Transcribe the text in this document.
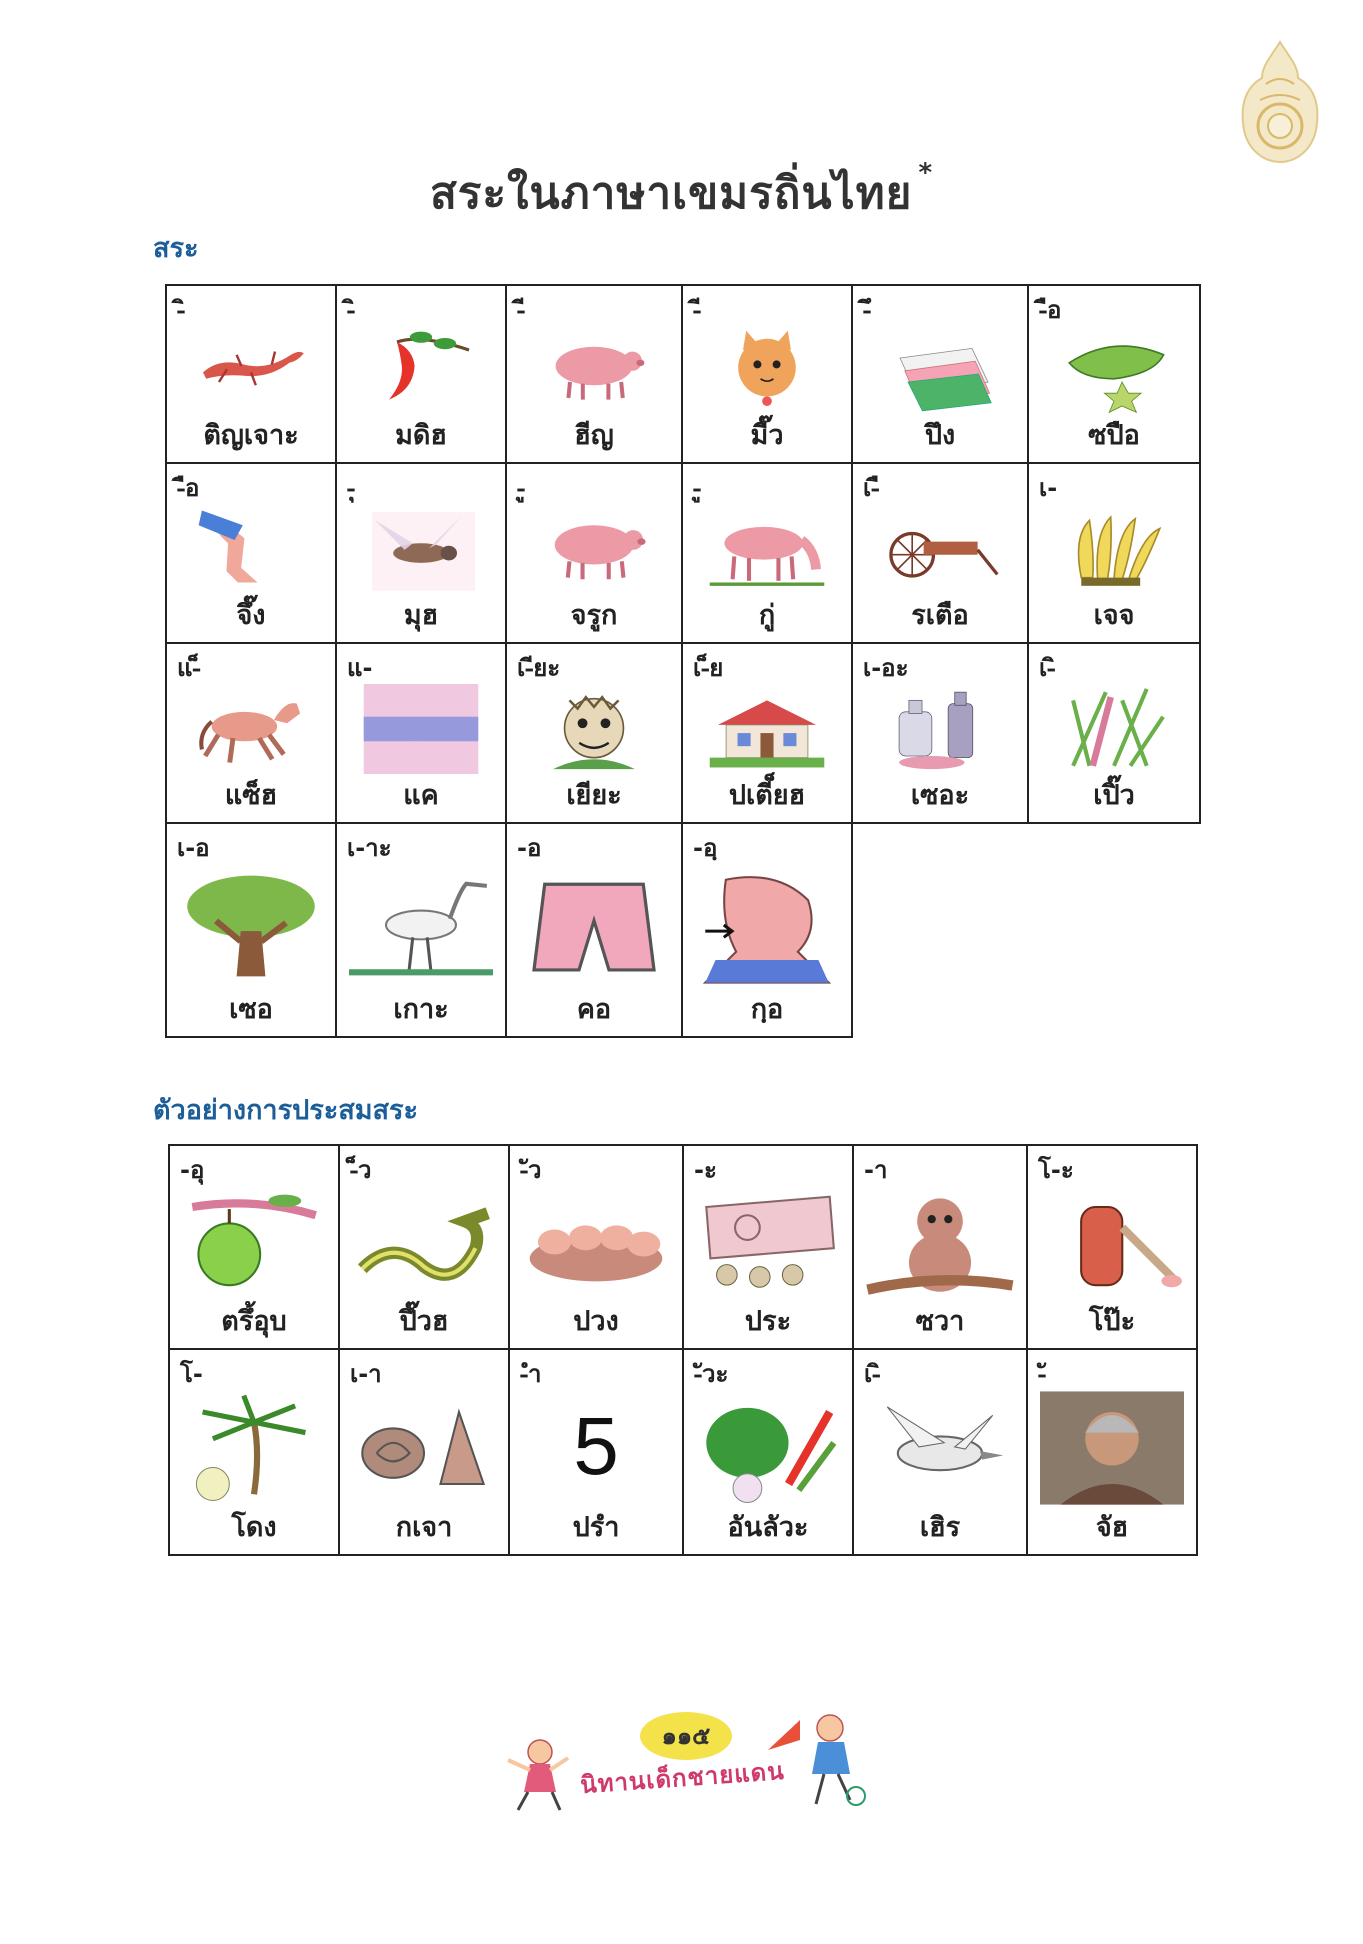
สระในภาษาเขมรถิ่นไทย *
สระ
-ิ
ติญเจาะ
-ิ
มดิฮ
-ี
ฮีญ
-ี
มี๊ว
-ึ
ปึง
-ือ
ซปือ
-ือ
จึ๊ง
-ุ
มุฮ
-ู
จรูก
-ู
กู่
เ-ื
รเตือ
เ-
เจจ
แ-็
แซ็ฮ
แ-
แค
เ-ียะ
เยียะ
เ-็ย
ปเตี็ยฮ
เ-อะ
เซอะ
เ-ิ
เปิ๊ว
เ-อ
เซอ
เ-าะ
เกาะ
-อ
คอ
-อฺ
กฺอ
ตัวอย่างการประสมสระ
-อุ
ตรึ้อุบ
-็ว
ปึ๊วฮ
-ัว
ปวง
-ะ
ประ
-า
ซวา
โ-ะ
โป๊ะ
โ-
โดง
เ-า
กเจา
-ำ
5
ปรำ
-ัวะ
อันลัวะ
เ-ิ
เฮิร
-ั
จัฮ
๑๑๕
นิทานเด็กชายแดน
